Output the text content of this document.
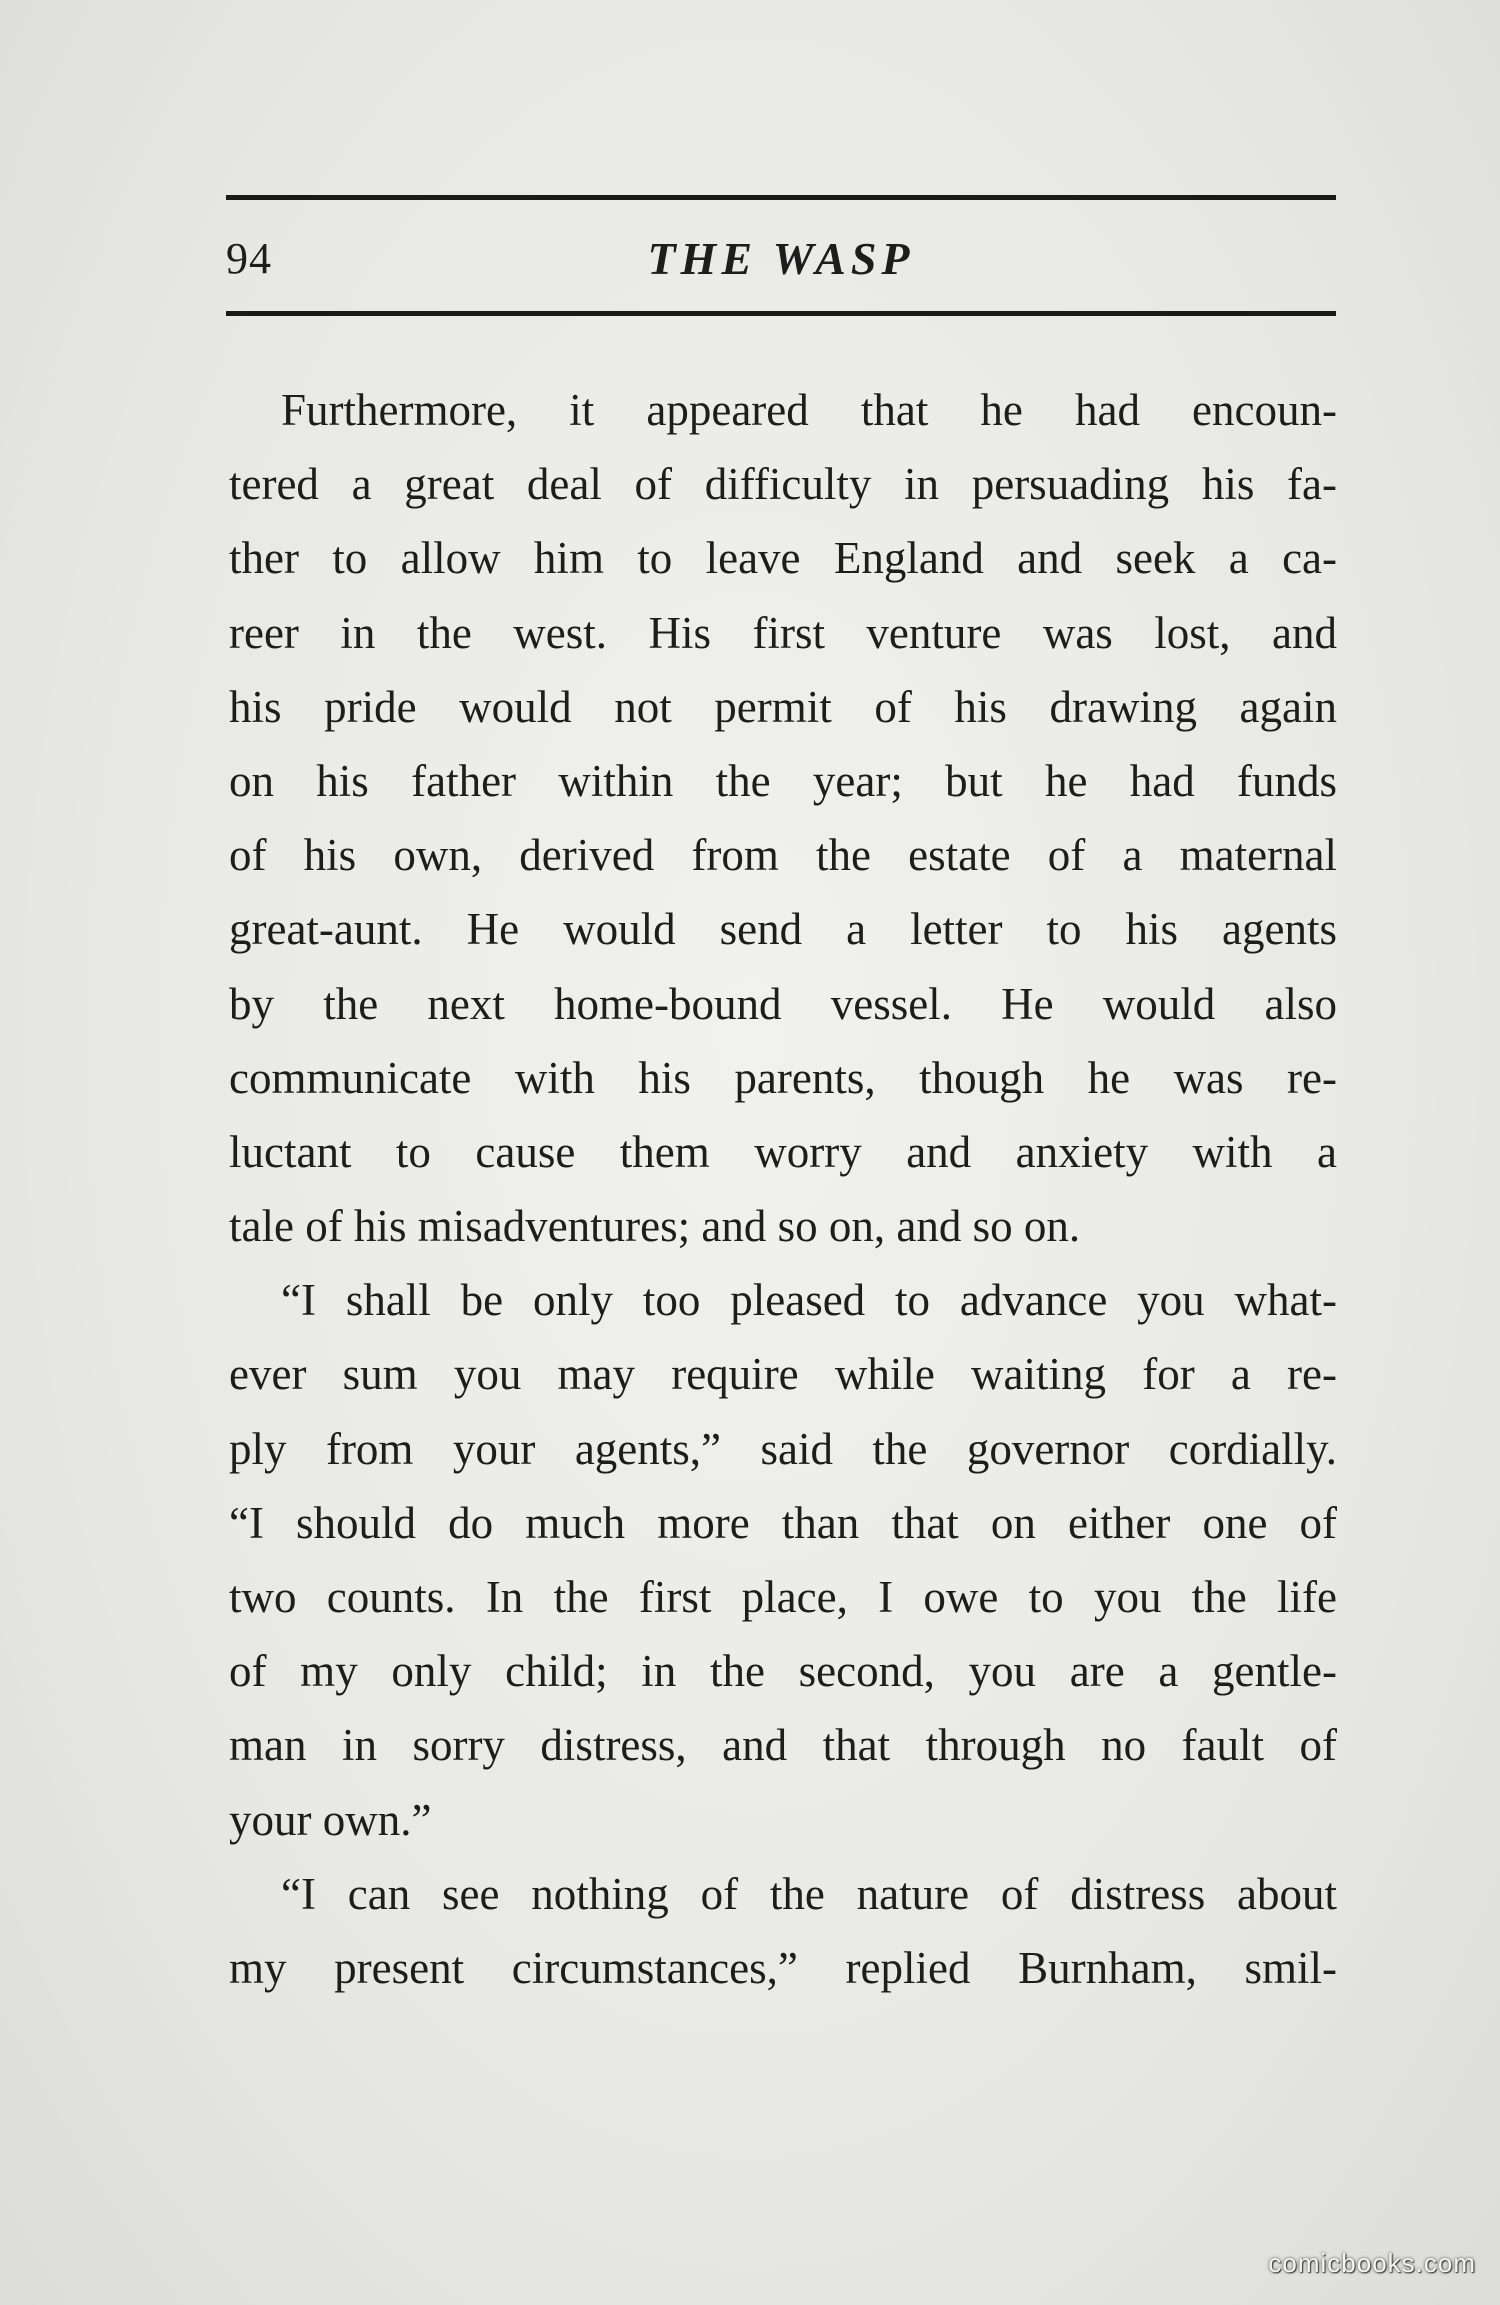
94	THE WASP
Furthermore, it appeared that he had encoun-
tered a great deal of difficulty in persuading his fa-
ther to allow him to leave England and seek a ca-
reer in the west. His first venture was lost, and
his pride would not permit of his drawing again
on his father within the year; but he had funds
of his own, derived from the estate of a maternal
great-aunt. He would send a letter to his agents
by the next home-bound vessel. He would also
communicate with his parents, though he was re-
luctant to cause them worry and anxiety with a
tale of his misadventures; and so on, and so on.
“I shall be only too pleased to advance you what-
ever sum you may require while waiting for a re-
ply from your agents,” said the governor cordially.
“I should do much more than that on either one of
two counts. In the first place, I owe to you the life
of my only child; in the second, you are a gentle-
man in sorry distress, and that through no fault of
your own.”
“I can see nothing of the nature of distress about
my present circumstances,” replied Burnham, smil-
comicbooks.com
